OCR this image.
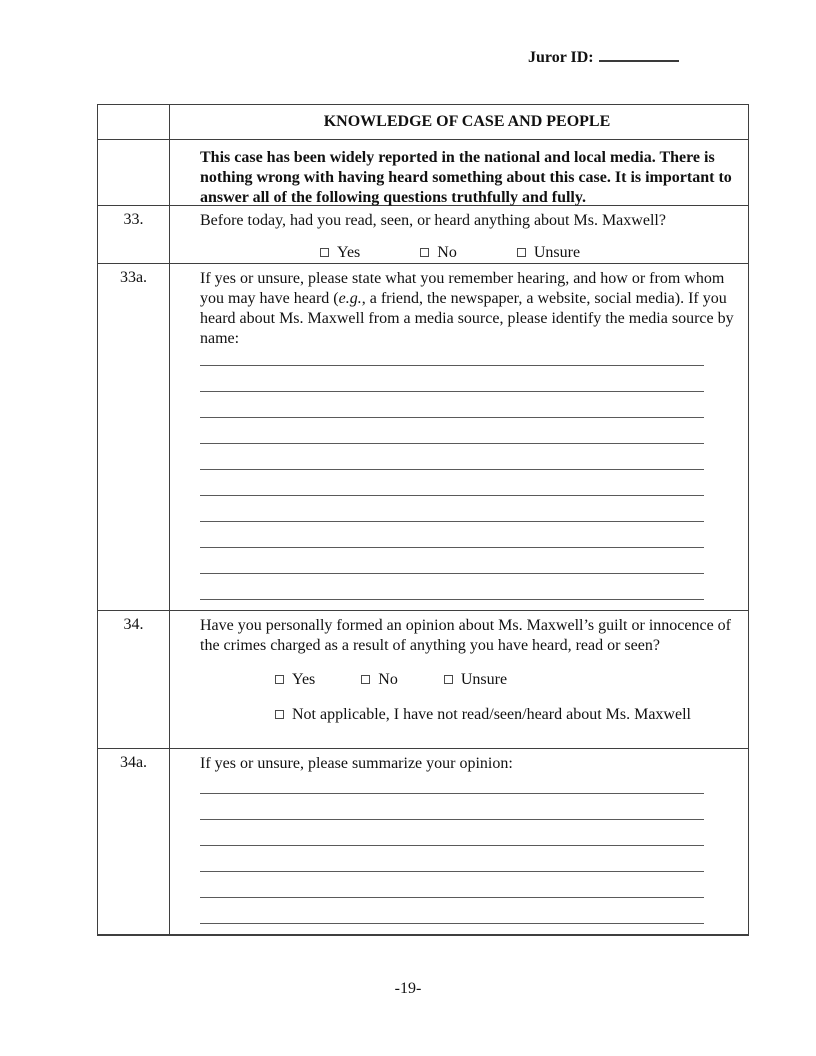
Juror ID:
KNOWLEDGE OF CASE AND PEOPLE
This case has been widely reported in the national and local media. There is nothing wrong with having heard something about this case. It is important to answer all of the following questions truthfully and fully.
33.	Before today, had you read, seen, or heard anything about Ms. Maxwell?
Yes	No	Unsure
33a.	If yes or unsure, please state what you remember hearing, and how or from whom you may have heard (e.g., a friend, the newspaper, a website, social media). If you heard about Ms. Maxwell from a media source, please identify the media source by name:
34.	Have you personally formed an opinion about Ms. Maxwell’s guilt or innocence of the crimes charged as a result of anything you have heard, read or seen?
Yes	No	Unsure
Not applicable, I have not read/seen/heard about Ms. Maxwell
34a.	If yes or unsure, please summarize your opinion:
-19-
